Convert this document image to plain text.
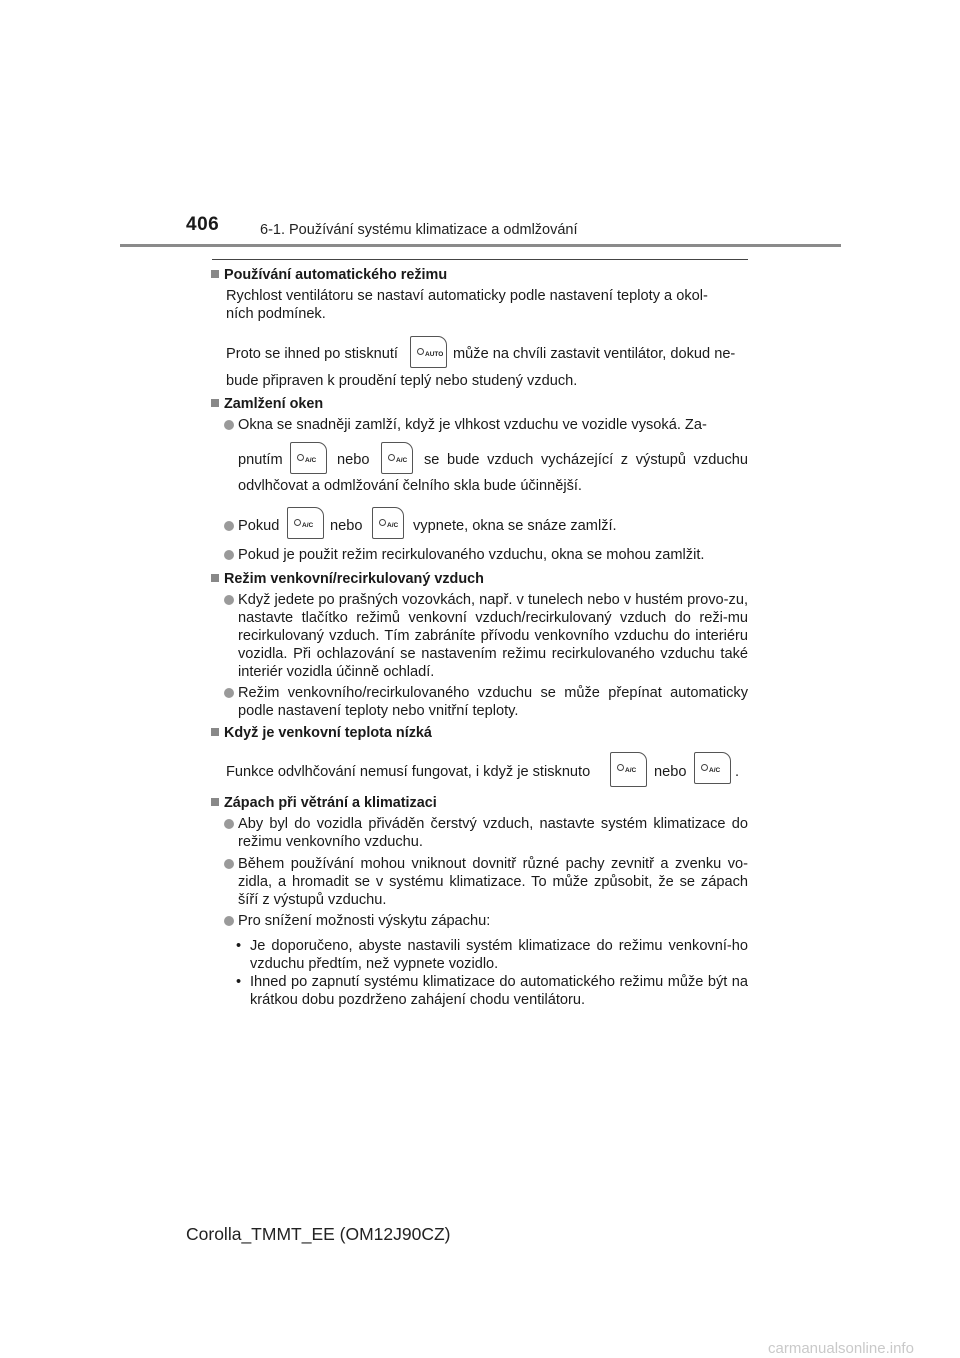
406	6-1. Používání systému klimatizace a odmlžování
Používání automatického režimu
Rychlost ventilátoru se nastaví automaticky podle nastavení teploty a okol-
ních podmínek.
Proto se ihned po stisknutí	AUTO může na chvíli zastavit ventilátor, dokud ne-
bude připraven k proudění teplý nebo studený vzduch.
Zamlžení oken
Okna se snadněji zamlží, když je vlhkost vzduchu ve vozidle vysoká. Za-
pnutím	A/C nebo	A/C se bude vzduch vycházející z výstupů vzduchu
odvlhčovat a odmlžování čelního skla bude účinnější.
Pokud	A/C nebo	A/C vypnete, okna se snáze zamlží.
Pokud je použit režim recirkulovaného vzduchu, okna se mohou zamlžit.
Režim venkovní/recirkulovaný vzduch
Když jedete po prašných vozovkách, např. v tunelech nebo v hustém provo-zu, nastavte tlačítko režimů venkovní vzduch/recirkulovaný vzduch do reži-mu recirkulovaný vzduch. Tím zabráníte přívodu venkovního vzduchu do interiéru vozidla. Při ochlazování se nastavením režimu recirkulovaného vzduchu také interiér vozidla účinně ochladí.
Režim venkovního/recirkulovaného vzduchu se může přepínat automaticky podle nastavení teploty nebo vnitřní teploty.
Když je venkovní teplota nízká
Funkce odvlhčování nemusí fungovat, i když je stisknuto	A/C nebo	A/C .
Zápach při větrání a klimatizaci
Aby byl do vozidla přiváděn čerstvý vzduch, nastavte systém klimatizace do režimu venkovního vzduchu.
Během používání mohou vniknout dovnitř různé pachy zevnitř a zvenku vo-zidla, a hromadit se v systému klimatizace. To může způsobit, že se zápach šíří z výstupů vzduchu.
Pro snížení možnosti výskytu zápachu:
• Je doporučeno, abyste nastavili systém klimatizace do režimu venkovní-ho vzduchu předtím, než vypnete vozidlo.
• Ihned po zapnutí systému klimatizace do automatického režimu může být na krátkou dobu pozdrženo zahájení chodu ventilátoru.
Corolla_TMMT_EE (OM12J90CZ)
carmanualsonline.info
